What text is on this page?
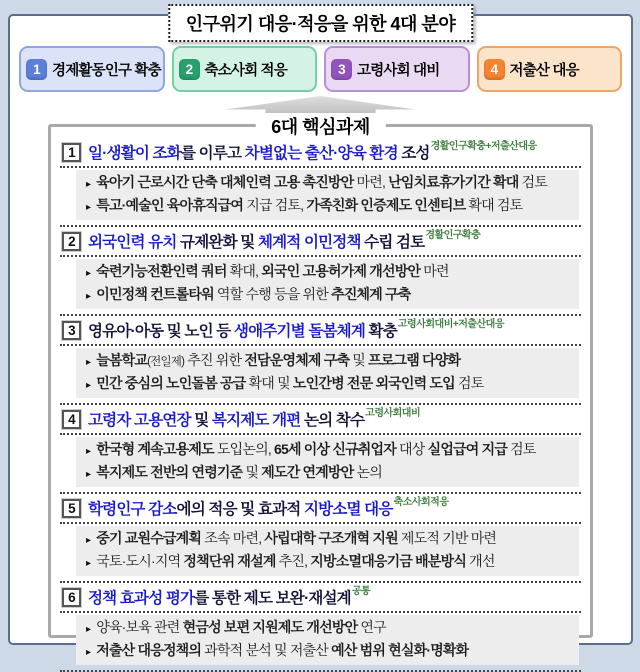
인구위기 대응·적응을 위한 4대 분야
1 경제활동인구 확충	2 축소사회 적응	3 고령사회 대비	4 저출산 대응
6대 핵심과제
1 일·생활이 조화를 이루고 차별없는 출산·양육 환경 조성$^{경활인구확충+저출산대응}$
▸ 육아기 근로시간 단축 대체인력 고용 촉진방안 마련, 난임치료휴가기간 확대 검토
▸ 특고·예술인 육아휴직급여 지급 검토, 가족친화 인증제도 인센티브 확대 검토
2 외국인력 유치 규제완화 및 체계적 이민정책 수립 검토$^{경활인구확충}$
▸ 숙련기능전환인력 쿼터 확대, 외국인 고용허가제 개선방안 마련
▸ 이민정책 컨트롤타워 역할 수행 등을 위한 추진체계 구축
3 영유아·아동 및 노인 등 생애주기별 돌봄체계 확충$^{고령사회대비+저출산대응}$
▸ 늘봄학교(전일제) 추진 위한 전담운영체제 구축 및 프로그램 다양화
▸ 민간 중심의 노인돌봄 공급 확대 및 노인간병 전문 외국인력 도입 검토
4 고령자 고용연장 및 복지제도 개편 논의 착수$^{고령사회대비}$
▸ 한국형 계속고용제도 도입논의, 65세 이상 신규취업자 대상 실업급여 지급 검토
▸ 복지제도 전반의 연령기준 및 제도간 연계방안 논의
5 학령인구 감소에의 적응 및 효과적 지방소멸 대응$^{축소사회적응}$
▸ 중기 교원수급계획 조속 마련, 사립대학 구조개혁 지원 제도적 기반 마련
▸ 국토·도시·지역 정책단위 재설계 추진, 지방소멸대응기금 배분방식 개선
6 정책 효과성 평가를 통한 제도 보완·재설계$^{공통}$
▸ 양육·보육 관련 현금성 보편 지원제도 개선방안 연구
▸ 저출산 대응정책의 과학적 분석 및 저출산 예산 범위 현실화·명확화
